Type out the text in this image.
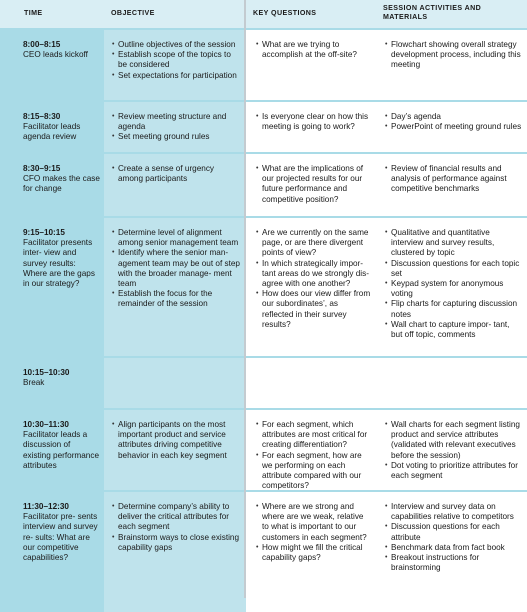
TIME	OBJECTIVE	KEY QUESTIONS
SESSION ACTIVITIES AND MATERIALS
8:00–8:15
CEO leads kickoff
• Outline objectives of the session
• Establish scope of the topics to be considered
• Set expectations for participation
• What are we trying to accomplish at the off-site?
• Flowchart showing overall strategy development process, including this meeting
8:15–8:30
Facilitator leads agenda review
• Review meeting structure and agenda
• Set meeting ground rules
• Is everyone clear on how this meeting is going to work?
• Day’s agenda
• PowerPoint of meeting ground rules
8:30–9:15
CFO makes the case for change
• Create a sense of urgency among participants
• What are the implications of our projected results for our future performance and competitive position?
• Review of financial results and analysis of performance against competitive benchmarks
9:15–10:15
Facilitator presents inter- view and survey results: Where are the gaps in our strategy?
• Determine level of alignment among senior management team
• Identify where the senior man- agement team may be out of step with the broader manage- ment team
• Establish the focus for the remainder of the session
• Are we currently on the same page, or are there divergent points of view?
• In which strategically impor- tant areas do we strongly dis- agree with one another?
• How does our view differ from our subordinates’, as reflected in their survey results?
• Qualitative and quantitative interview and survey results, clustered by topic
• Discussion questions for each topic set
• Keypad system for anonymous voting
• Flip charts for capturing discussion notes
• Wall chart to capture impor- tant, but off topic, comments
10:15–10:30
Break
10:30–11:30
Facilitator leads a discussion of existing performance attributes
• Align participants on the most important product and service attributes driving competitive behavior in each key segment
• For each segment, which attributes are most critical for creating differentiation?
• For each segment, how are we performing on each attribute compared with our competitors?
• Wall charts for each segment listing product and service attributes (validated with relevant executives before the session)
• Dot voting to prioritize attributes for each segment
11:30–12:30
Facilitator pre- sents interview and survey re- sults: What are our competitive capabilities?
• Determine company’s ability to deliver the critical attributes for each segment
• Brainstorm ways to close existing capability gaps
• Where are we strong and where are we weak, relative to what is important to our customers in each segment?
• How might we fill the critical capability gaps?
• Interview and survey data on capabilities relative to competitors
• Discussion questions for each attribute
• Benchmark data from fact book
• Breakout instructions for brainstorming
